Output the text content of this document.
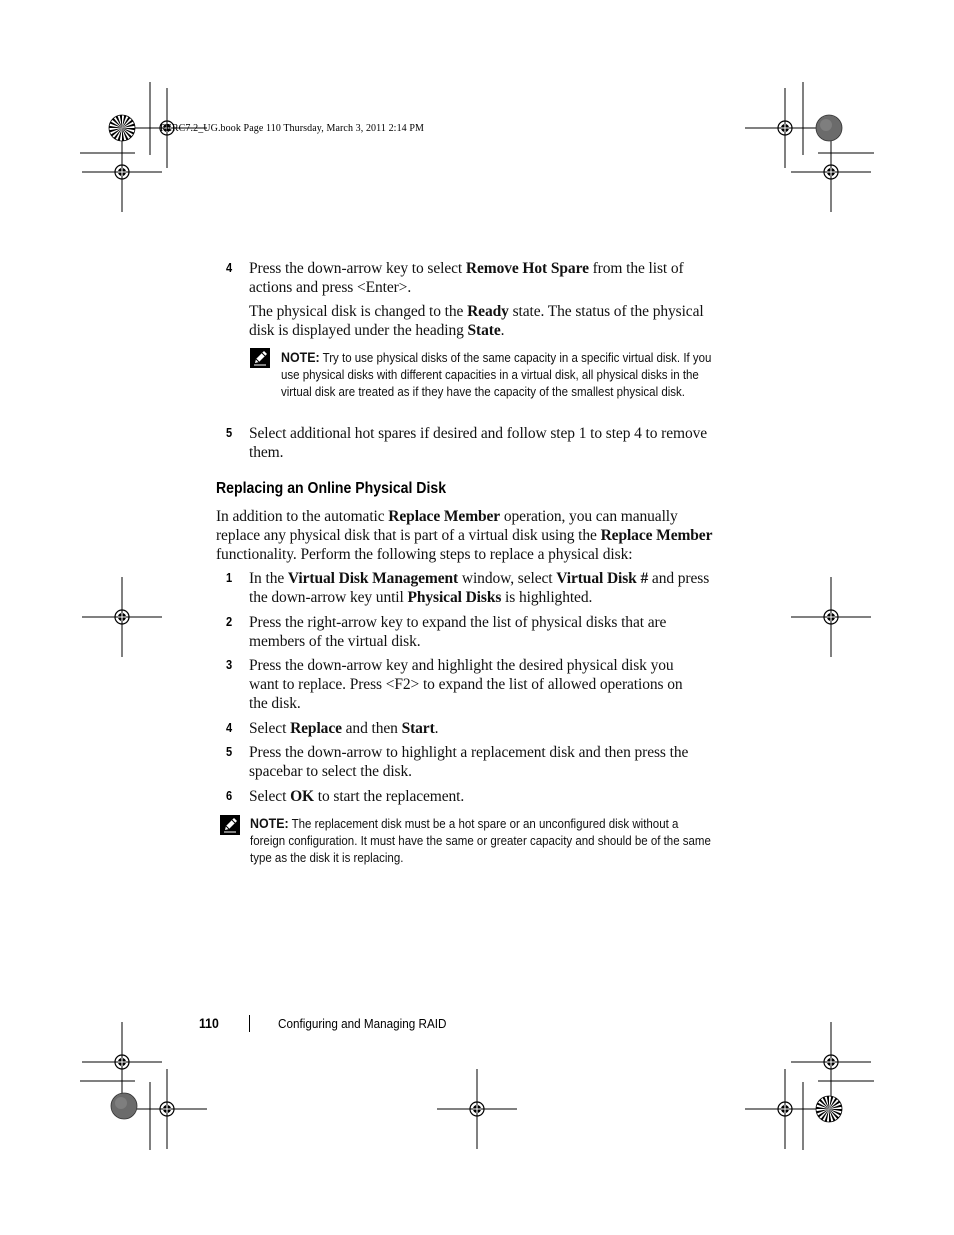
PERC7.2_UG.book Page 110 Thursday, March 3, 2011 2:14 PM
4 Press the down-arrow key to select Remove Hot Spare from the list of actions and press <Enter>.
The physical disk is changed to the Ready state. The status of the physical disk is displayed under the heading State.
NOTE: Try to use physical disks of the same capacity in a specific virtual disk. If you use physical disks with different capacities in a virtual disk, all physical disks in the virtual disk are treated as if they have the capacity of the smallest physical disk.
5 Select additional hot spares if desired and follow step 1 to step 4 to remove them.
Replacing an Online Physical Disk
In addition to the automatic Replace Member operation, you can manually replace any physical disk that is part of a virtual disk using the Replace Member functionality. Perform the following steps to replace a physical disk:
1 In the Virtual Disk Management window, select Virtual Disk # and press the down-arrow key until Physical Disks is highlighted.
2 Press the right-arrow key to expand the list of physical disks that are members of the virtual disk.
3 Press the down-arrow key and highlight the desired physical disk you want to replace. Press <F2> to expand the list of allowed operations on the disk.
4 Select Replace and then Start.
5 Press the down-arrow to highlight a replacement disk and then press the spacebar to select the disk.
6 Select OK to start the replacement.
NOTE: The replacement disk must be a hot spare or an unconfigured disk without a foreign configuration. It must have the same or greater capacity and should be of the same type as the disk it is replacing.
110	Configuring and Managing RAID
